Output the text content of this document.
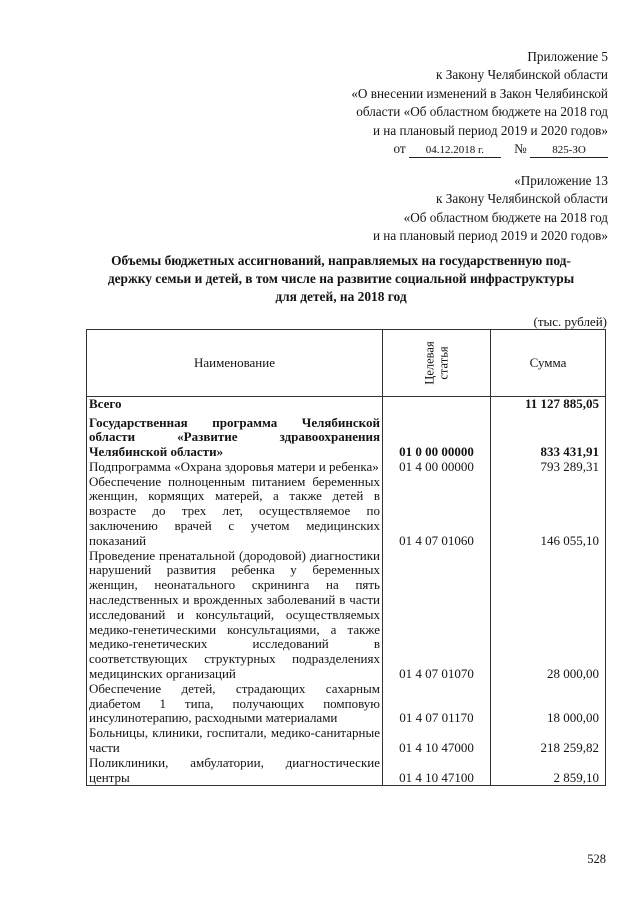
Приложение 5
к Закону Челябинской области
«О внесении изменений в Закон Челябинской
области «Об областном бюджете на 2018 год
и на плановый период 2019 и 2020 годов»
от 04.12.2018 г. № 825-ЗО
«Приложение 13
к Закону Челябинской области
«Об областном бюджете на 2018 год
и на плановый период 2019 и 2020 годов»
Объемы бюджетных ассигнований, направляемых на государственную под-
держку семьи и детей, в том числе на развитие социальной инфраструктуры
для детей, на 2018 год
(тыс. рублей)
Наименование	Целевая статья	Сумма
Всего		11 127 885,05
Государственная программа Челябинской области «Развитие здравоохранения Челябинской области»	01 0 00 00000	833 431,91
Подпрограмма «Охрана здоровья матери и ребенка»	01 4 00 00000	793 289,31
Обеспечение полноценным питанием беременных женщин, кормящих матерей, а также детей в возрасте до трех лет, осуществляемое по заключению врачей с учетом медицинских показаний	01 4 07 01060	146 055,10
Проведение пренатальной (дородовой) диагностики нарушений развития ребенка у беременных женщин, неонатального скрининга на пять наследственных и врожденных заболеваний в части исследований и консультаций, осуществляемых медико-генетическими консультациями, а также медико-генетических исследований в соответствующих структурных подразделениях медицинских организаций	01 4 07 01070	28 000,00
Обеспечение детей, страдающих сахарным диабетом 1 типа, получающих помповую инсулинотерапию, расходными материалами	01 4 07 01170	18 000,00
Больницы, клиники, госпитали, медико-санитарные части	01 4 10 47000	218 259,82
Поликлиники, амбулатории, диагностические центры	01 4 10 47100	2 859,10
528
